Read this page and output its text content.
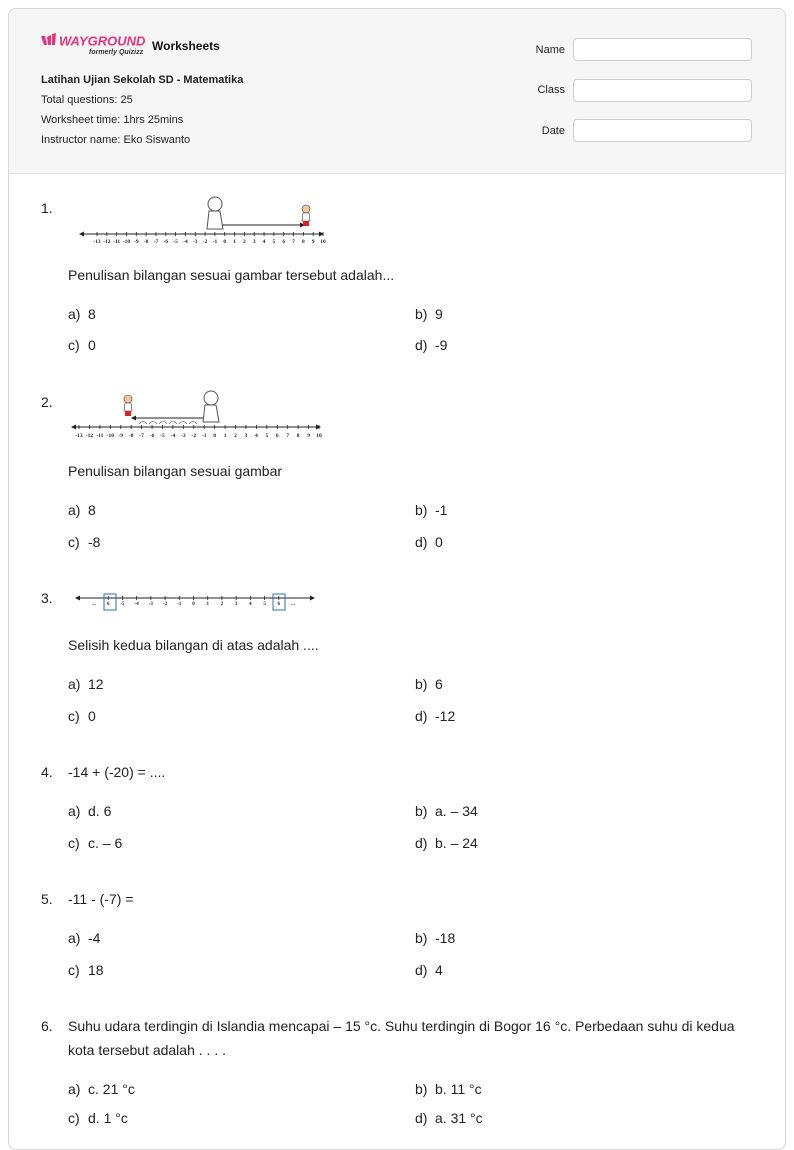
WAYGROUND
formerly Quizizz Worksheets
Latihan Ujian Sekolah SD - Matematika
Total questions: 25
Worksheet time: 1hrs 25mins
Instructor name: Eko Siswanto
Name
Class
Date
1.
-13 -12 -11 -10 -9 -8 -7 -6 -5 -4 -3 -2 -1 0 1 2 3 4 5 6 7 8 9 10
Penulisan bilangan sesuai gambar tersebut adalah...
a) 8	b) 9
c) 0	d) -9
2.
-13 -12 -11 -10 -9 -8 -7 -6 -5 -4 -3 -2 -1 0 1 2 3 4 5 6 7 8 9 10
Penulisan bilangan sesuai gambar
a) 8	b) -1
c) -8	d) 0
3.	... 6 -5 -4 -3 -2 -1 0 1 2 3 4 5 6 ...
Selisih kedua bilangan di atas adalah ....
a) 12	b) 6
c) 0	d) -12
4. -14 + (-20) = ....
a) d. 6	b) a. – 34
c) c. – 6	d) b. – 24
5. -11 - (-7) =
a) -4	b) -18
c) 18	d) 4
6. Suhu udara terdingin di Islandia mencapai – 15 °c. Suhu terdingin di Bogor 16 °c. Perbedaan suhu di kedua kota tersebut adalah . . . .
a) c. 21 °c	b) b. 11 °c
c) d. 1 °c	d) a. 31 °c
